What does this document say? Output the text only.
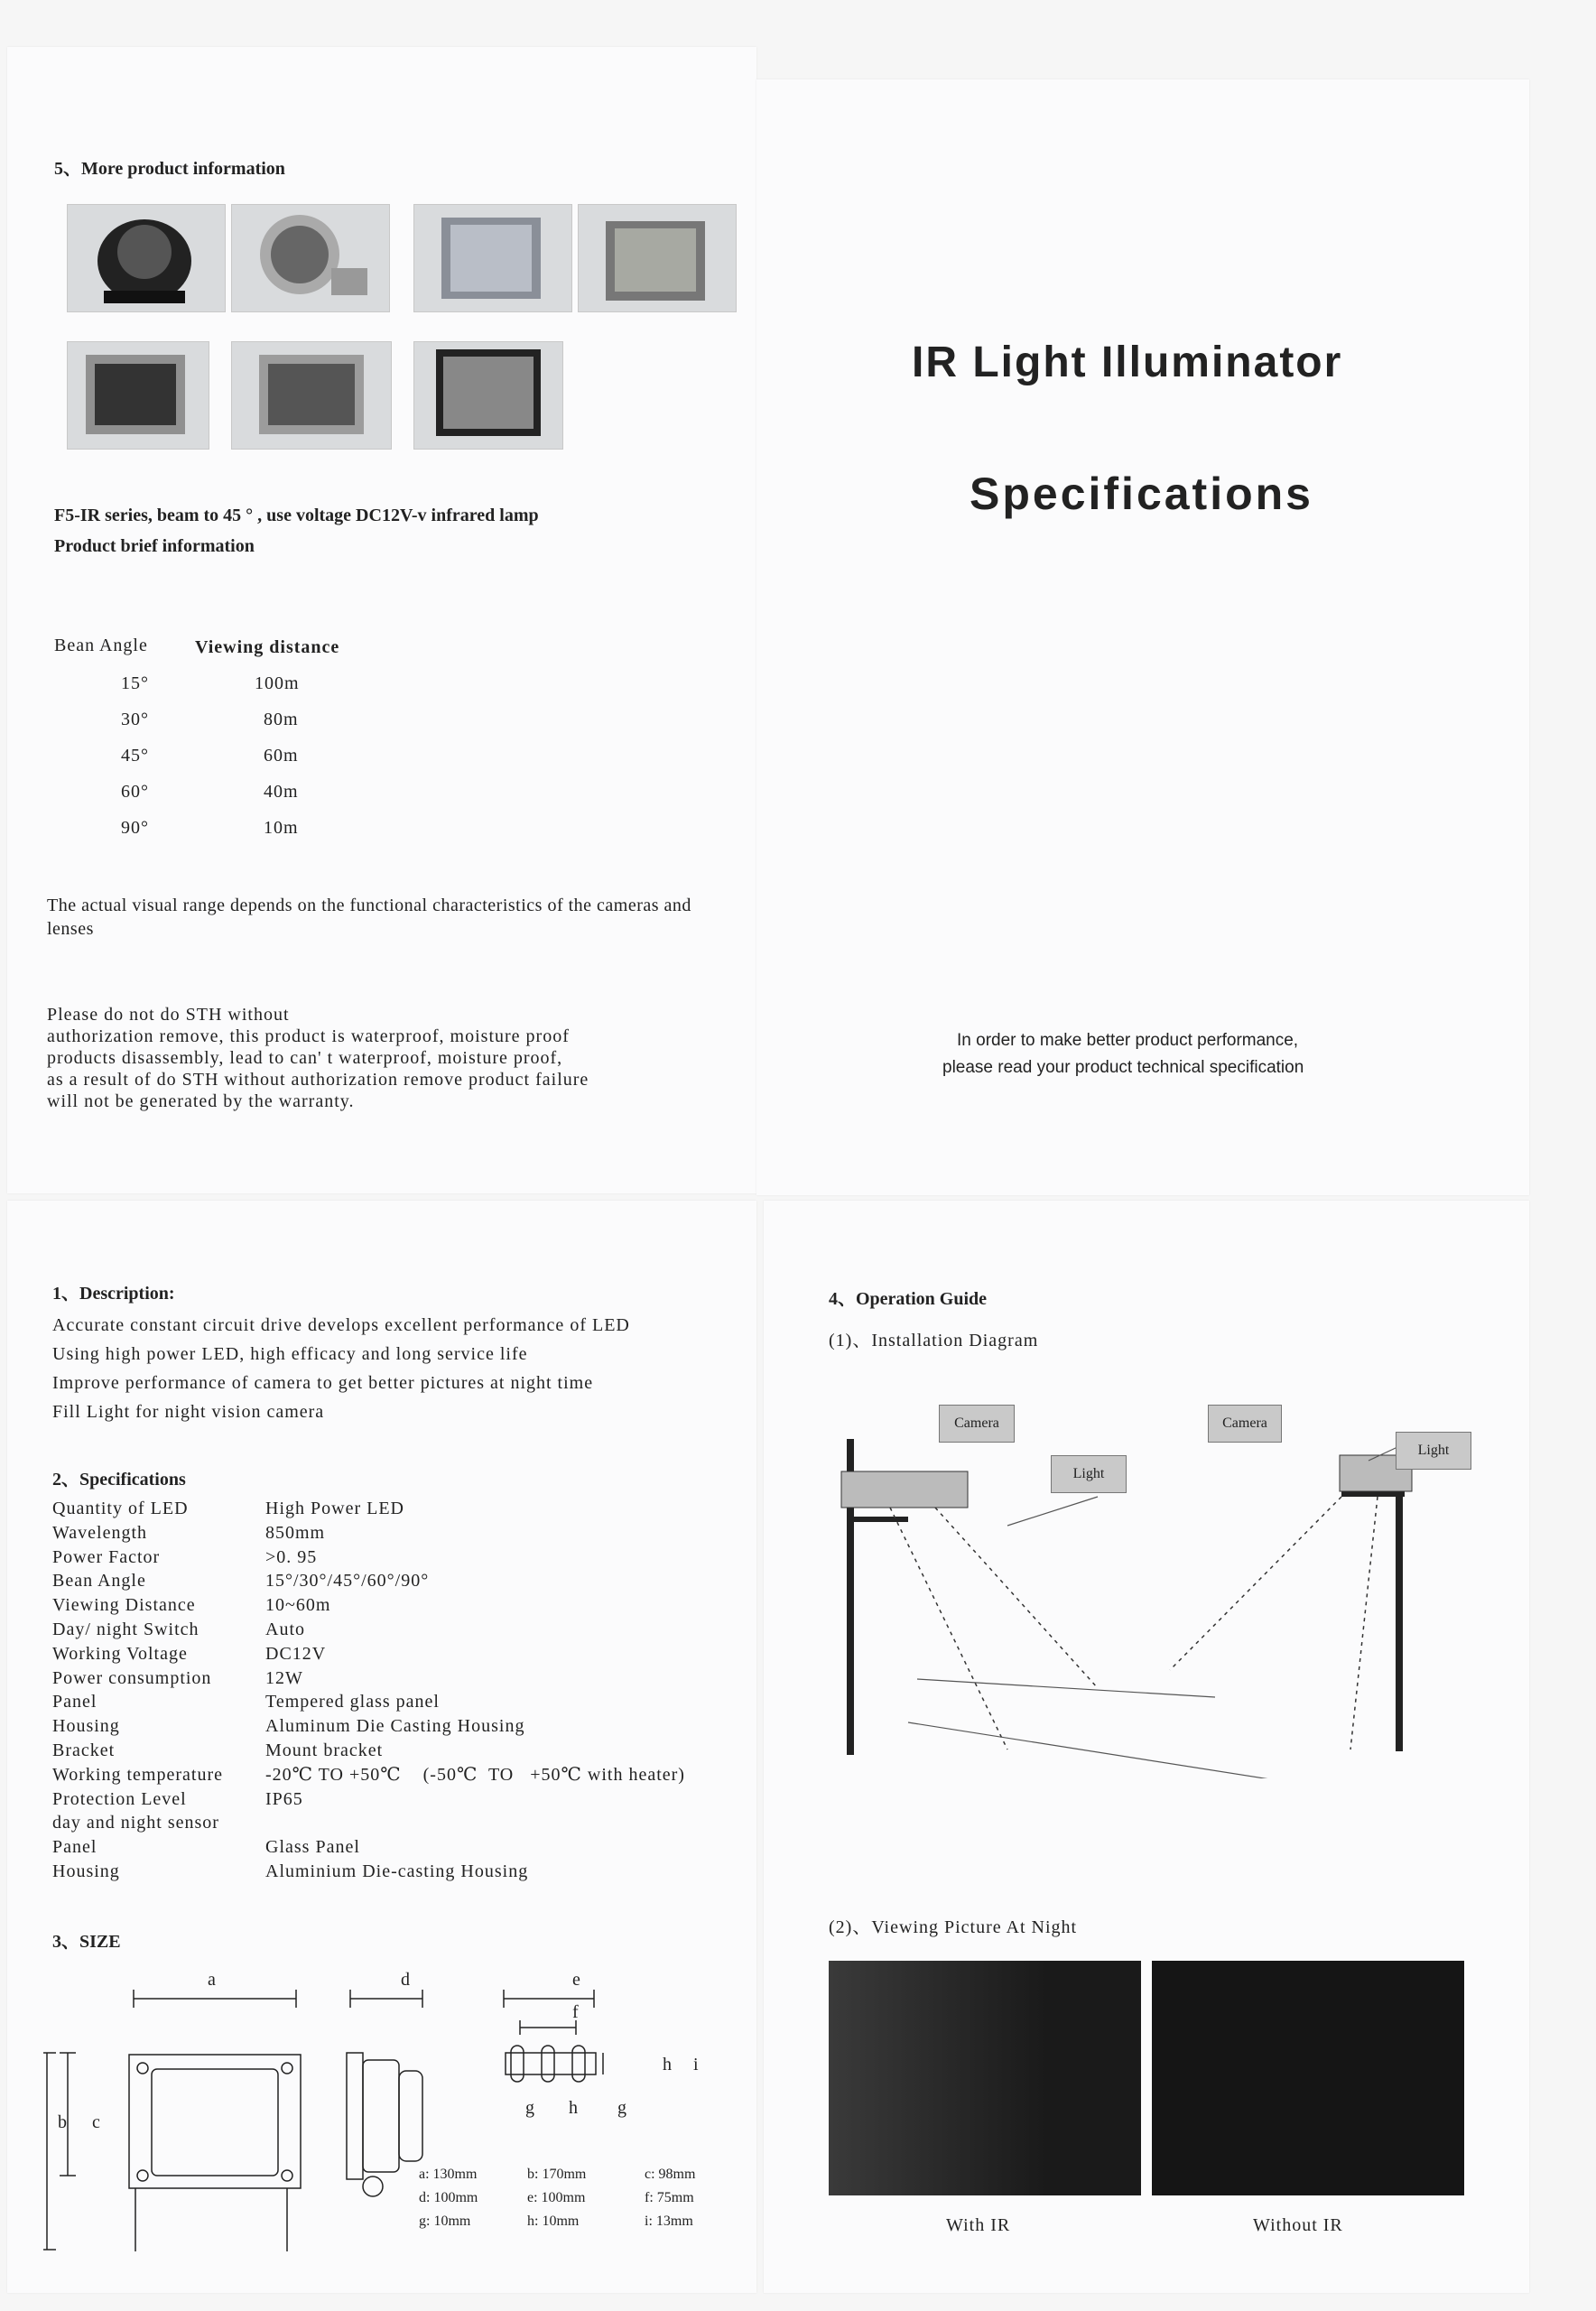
5、More product information
F5-IR series, beam to 45 ° , use voltage DC12V-v infrared lamp
Product brief information
Bean Angle	Viewing distance
15°	100m
30°	80m
45°	60m
60°	40m
90°	10m
The actual visual range depends on the functional characteristics of the cameras and lenses
Please do not do STH without
authorization remove, this product is waterproof, moisture proof
products disassembly, lead to can' t waterproof, moisture proof,
as a result of do STH without authorization remove product failure
will not be generated by the warranty.
IR Light Illuminator
Specifications
In order to make better product performance,
please read your product technical specification
1、Description:
Accurate constant circuit drive develops excellent performance of LED
Using high power LED, high efficacy and long service life
Improve performance of camera to get better pictures at night time
Fill Light for night vision camera
2、Specifications
Quantity of LED	High Power LED
Wavelength	850mm
Power Factor	>0. 95
Bean Angle	15°/30°/45°/60°/90°
Viewing Distance	10~60m
Day/ night Switch	Auto
Working Voltage	DC12V
Power consumption	12W
Panel	Tempered glass panel
Housing	Aluminum Die Casting Housing
Bracket	Mount bracket
Working temperature	-20℃ TO +50℃    (-50℃  TO   +50℃ with heater)
Protection Level	IP65
day and night sensor
Panel	Glass Panel
Housing	Aluminium Die-casting Housing
3、SIZE
a	d	e
f
b c
g h g
h i
a: 130mm	b: 170mm	c: 98mm
d: 100mm	e: 100mm	f: 75mm
g: 10mm	h: 10mm	i: 13mm
4、Operation Guide
(1)、Installation Diagram
Camera
Light
Camera
Light
(2)、Viewing Picture At Night
With IR	Without IR
